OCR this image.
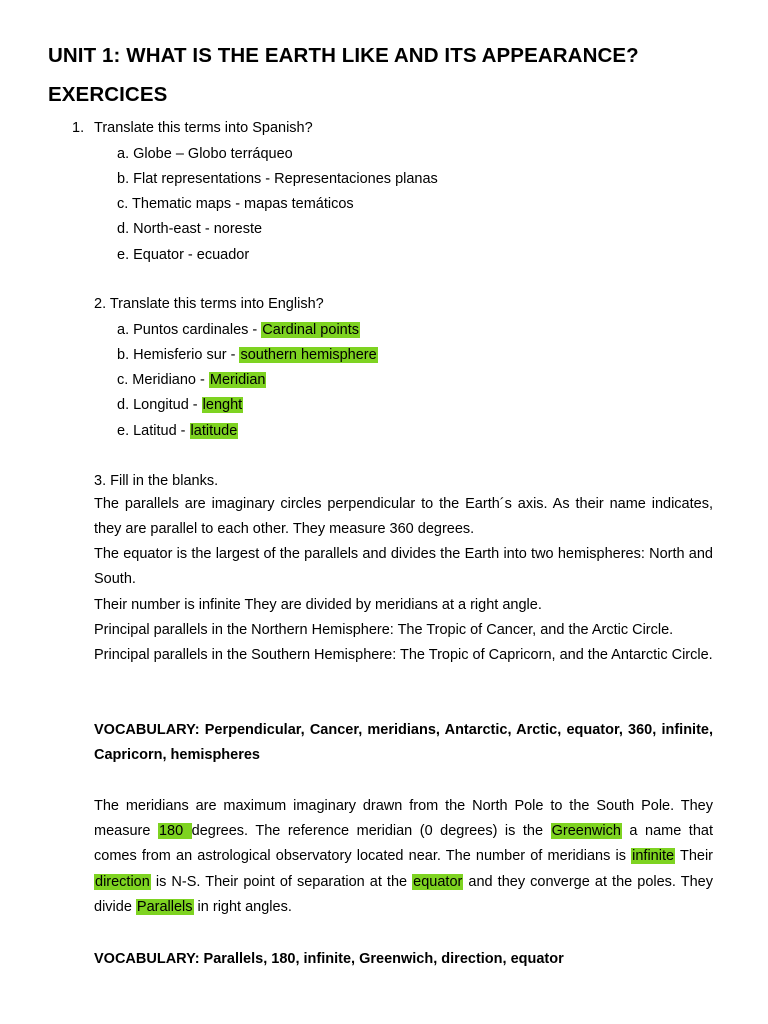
UNIT 1: WHAT IS THE EARTH LIKE AND ITS APPEARANCE?
EXERCICES
1. Translate this terms into Spanish?
a. Globe – Globo terráqueo
b. Flat representations - Representaciones planas
c. Thematic maps - mapas temáticos
d. North-east - noreste
e. Equator - ecuador
2. Translate this terms into English?
a. Puntos cardinales - Cardinal points
b. Hemisferio sur - southern hemisphere
c. Meridiano - Meridian
d. Longitud - lenght
e. Latitud - latitude
3. Fill in the blanks.
The parallels are imaginary circles perpendicular to the Earth´s axis. As their name indicates, they are parallel to each other. They measure 360 degrees.
The equator is the largest of the parallels and divides the Earth into two hemispheres: North and South.
Their number is infinite They are divided by meridians at a right angle.
Principal parallels in the Northern Hemisphere: The Tropic of Cancer, and the Arctic Circle.
Principal parallels in the Southern Hemisphere: The Tropic of Capricorn, and the Antarctic Circle.
VOCABULARY: Perpendicular, Cancer, meridians, Antarctic, Arctic, equator, 360, infinite, Capricorn, hemispheres
The meridians are maximum imaginary drawn from the North Pole to the South Pole. They measure 180 degrees. The reference meridian (0 degrees) is the Greenwich a name that comes from an astrological observatory located near. The number of meridians is infinite Their direction is N-S. Their point of separation at the equator and they converge at the poles. They divide Parallels in right angles.
VOCABULARY: Parallels, 180, infinite, Greenwich, direction, equator
